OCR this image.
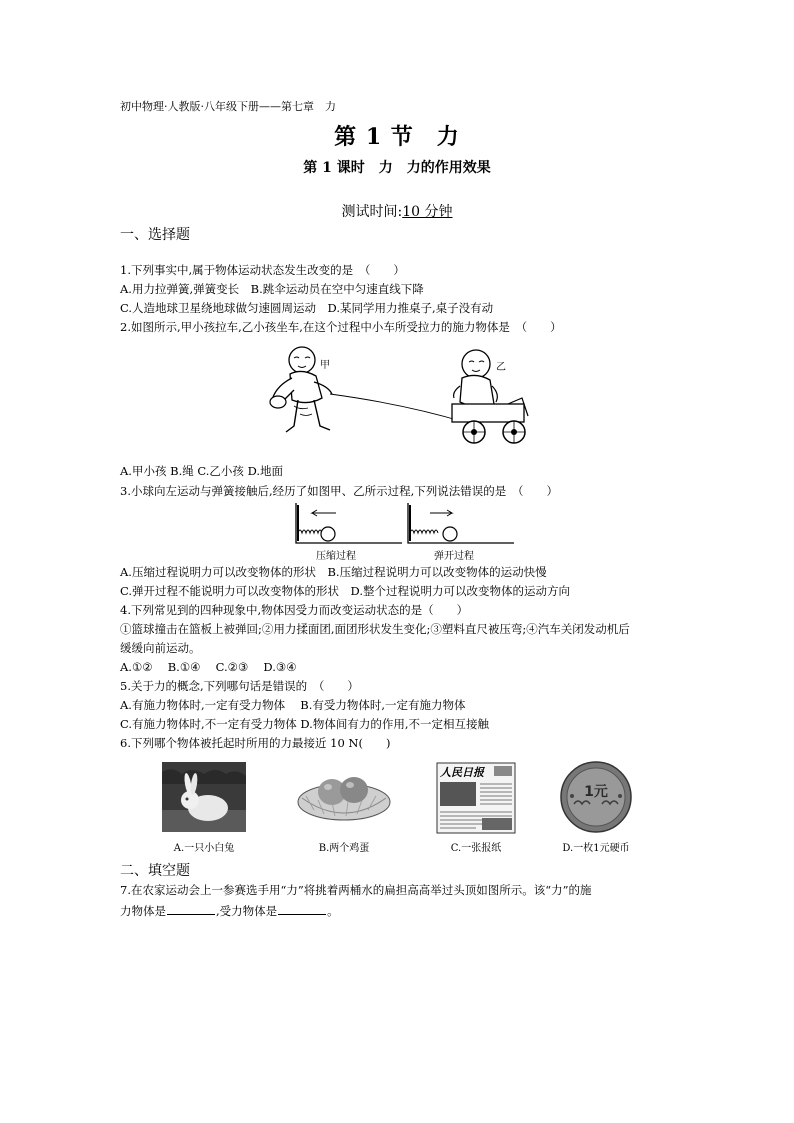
初中物理·人教版·八年级下册——第七章　力
第 1 节　力
第 1 课时　力　力的作用效果
测试时间:10 分钟
一、选择题
1.下列事实中,属于物体运动状态发生改变的是　（　　）
A.用力拉弹簧,弹簧变长　B.跳伞运动员在空中匀速直线下降
C.人造地球卫星绕地球做匀速圆周运动　D.某同学用力推桌子,桌子没有动
2.如图所示,甲小孩拉车,乙小孩坐车,在这个过程中小车所受拉力的施力物体是　（　　）
甲	乙
A.甲小孩 B.绳 C.乙小孩 D.地面
3.小球向左运动与弹簧接触后,经历了如图甲、乙所示过程,下列说法错误的是　（　　）
压缩过程	弹开过程
A.压缩过程说明力可以改变物体的形状　B.压缩过程说明力可以改变物体的运动快慢
C.弹开过程不能说明力可以改变物体的形状　D.整个过程说明力可以改变物体的运动方向
4.下列常见到的四种现象中,物体因受力而改变运动状态的是（　　）
①篮球撞击在篮板上被弹回;②用力揉面团,面团形状发生变化;③塑料直尺被压弯;④汽车关闭发动机后
缓缓向前运动。
A.①②　 B.①④　 C.②③　 D.③④
5.关于力的概念,下列哪句话是错误的　（　　）
A.有施力物体时,一定有受力物体　 B.有受力物体时,一定有施力物体
C.有施力物体时,不一定有受力物体 D.物体间有力的作用,不一定相互接触
6.下列哪个物体被托起时所用的力最接近 10 N(　　)
人民日报
1元
A.一只小白兔	B.两个鸡蛋	C.一张报纸	D.一枚1元硬币
二、填空题
7.在农家运动会上一参赛选手用“力”将挑着两桶水的扁担高高举过头顶如图所示。该“力”的施
力物体是	,受力物体是	。
